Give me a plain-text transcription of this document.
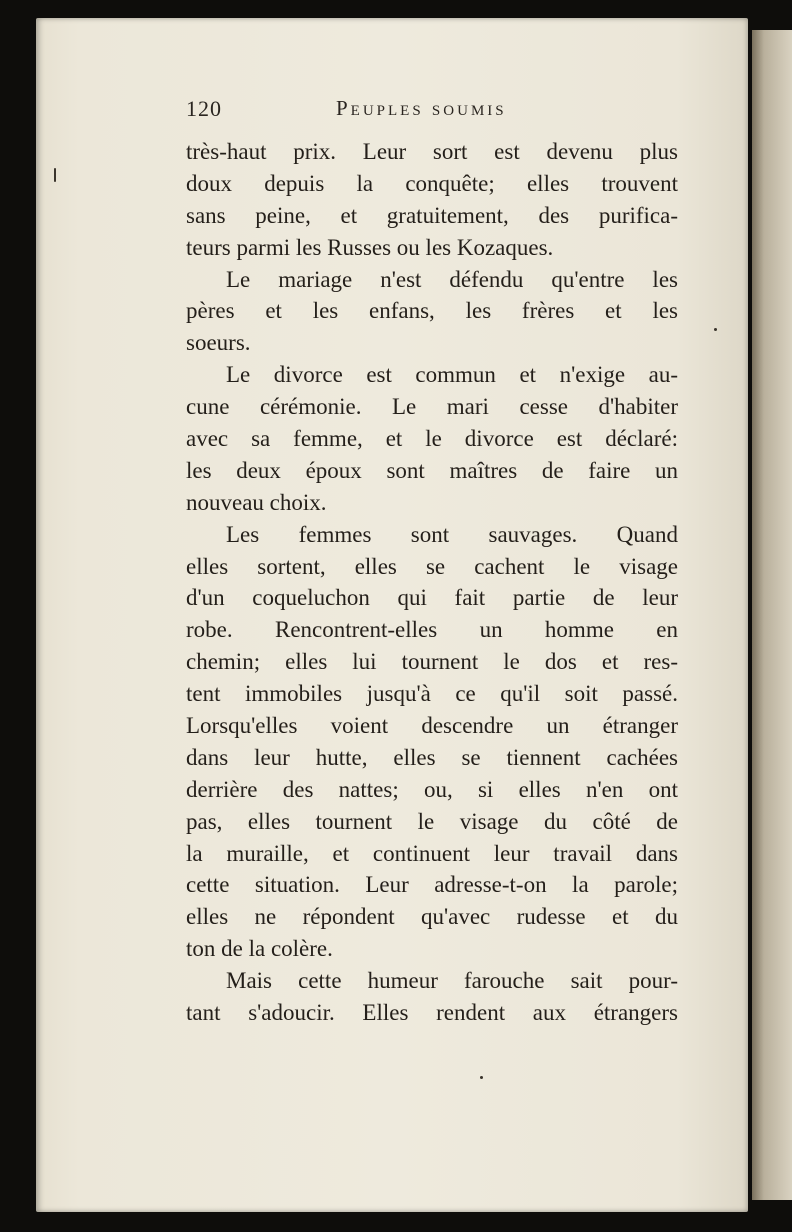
120	Peuples soumis
très-haut prix. Leur sort est devenu plus
doux depuis la conquête; elles trouvent
sans peine, et gratuitement, des purifica-
teurs parmi les Russes ou les Kozaques.
Le mariage n'est défendu qu'entre les
pères et les enfans, les frères et les
soeurs.
Le divorce est commun et n'exige au-
cune cérémonie. Le mari cesse d'habiter
avec sa femme, et le divorce est déclaré:
les deux époux sont maîtres de faire un
nouveau choix.
Les femmes sont sauvages. Quand
elles sortent, elles se cachent le visage
d'un coqueluchon qui fait partie de leur
robe. Rencontrent-elles un homme en
chemin; elles lui tournent le dos et res-
tent immobiles jusqu'à ce qu'il soit passé.
Lorsqu'elles voient descendre un étranger
dans leur hutte, elles se tiennent cachées
derrière des nattes; ou, si elles n'en ont
pas, elles tournent le visage du côté de
la muraille, et continuent leur travail dans
cette situation. Leur adresse-t-on la parole;
elles ne répondent qu'avec rudesse et du
ton de la colère.
Mais cette humeur farouche sait pour-
tant s'adoucir. Elles rendent aux étrangers
